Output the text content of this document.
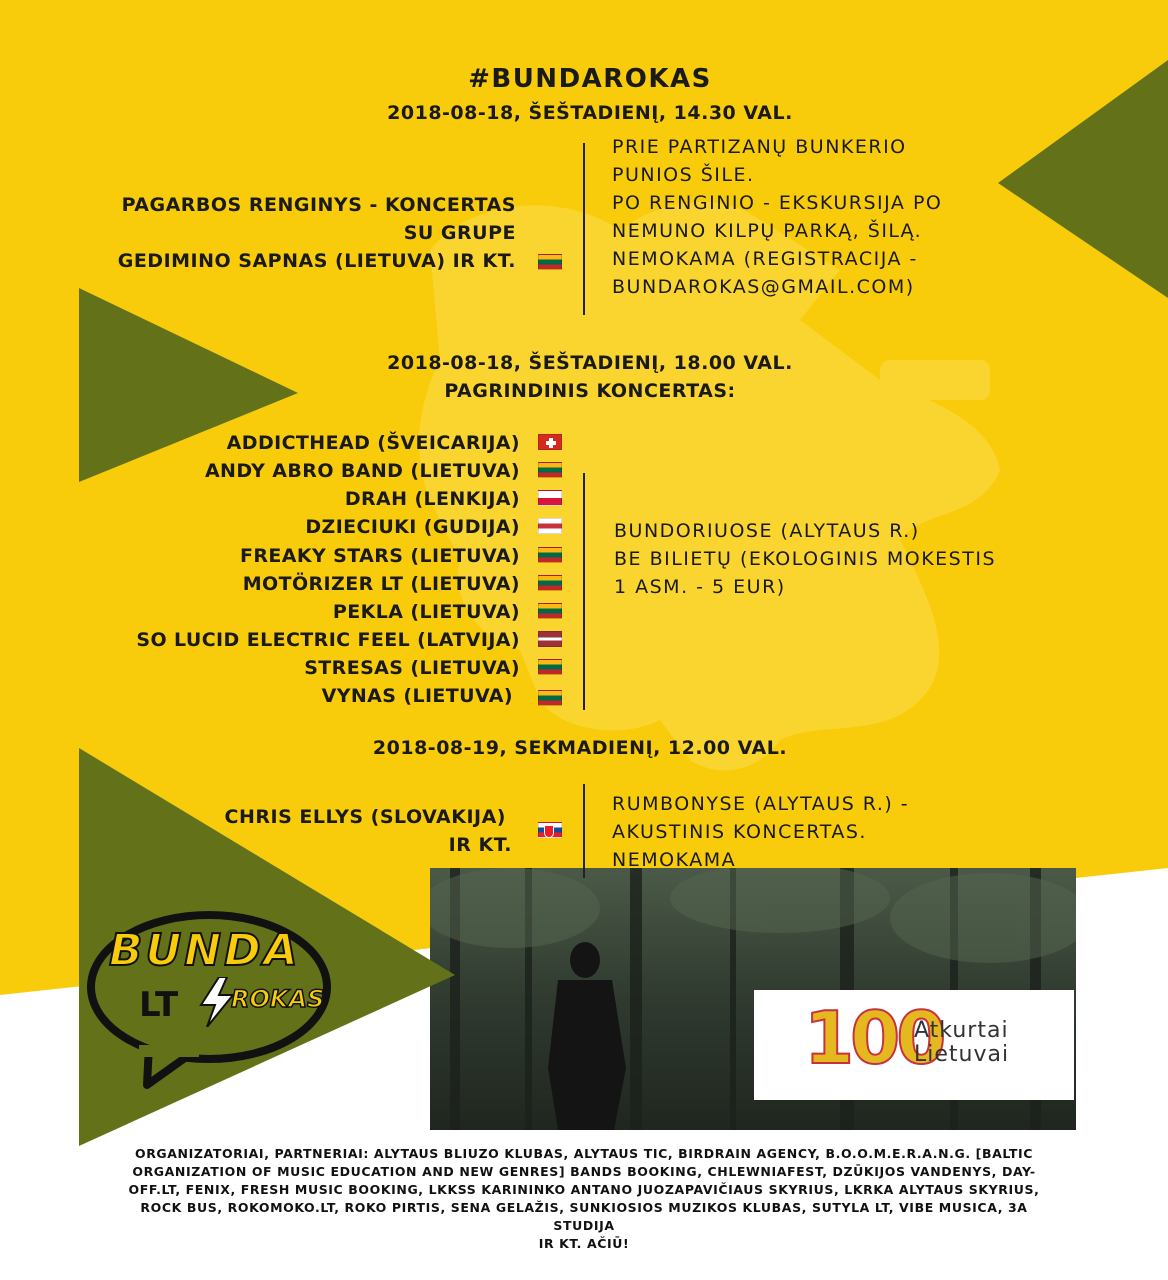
BUNDA
LT ROKAS	100
Atkurtai
Lietuvai
#BUNDAROKAS
2018-08-18, ŠEŠTADIENĮ, 14.30 VAL.
PAGARBOS RENGINYS - KONCERTAS
SU GRUPE
GEDIMINO SAPNAS (LIETUVA) IR KT.
PRIE PARTIZANŲ BUNKERIO
PUNIOS ŠILE.
PO RENGINIO - EKSKURSIJA PO
NEMUNO KILPŲ PARKĄ, ŠILĄ.
NEMOKAMA (REGISTRACIJA -
BUNDAROKAS@GMAIL.COM)
2018-08-18, ŠEŠTADIENĮ, 18.00 VAL.
PAGRINDINIS KONCERTAS:
ADDICTHEAD (ŠVEICARIJA)
ANDY ABRO BAND (LIETUVA)
DRAH (LENKIJA)
DZIECIUKI (GUDIJA)
FREAKY STARS (LIETUVA)
MOTÖRIZER LT (LIETUVA)
PEKLA (LIETUVA)
SO LUCID ELECTRIC FEEL (LATVIJA)
STRESAS (LIETUVA)
VYNAS (LIETUVA)
BUNDORIUOSE (ALYTAUS R.)
BE BILIETŲ (EKOLOGINIS MOKESTIS
1 ASM. - 5 EUR)
2018-08-19, SEKMADIENĮ, 12.00 VAL.
CHRIS ELLYS (SLOVAKIJA)
IR KT.
RUMBONYSE (ALYTAUS R.) -
AKUSTINIS KONCERTAS.
NEMOKAMA
ORGANIZATORIAI, PARTNERIAI: ALYTAUS BLIUZO KLUBAS, ALYTAUS TIC, BIRDRAIN AGENCY, B.O.O.M.E.R.A.N.G. [BALTIC
ORGANIZATION OF MUSIC EDUCATION AND NEW GENRES] BANDS BOOKING, CHLEWNIAFEST, DZŪKIJOS VANDENYS, DAY-
OFF.LT, FENIX, FRESH MUSIC BOOKING, LKKSS KARININKO ANTANO JUOZAPAVIČIAUS SKYRIUS, LKRKA ALYTAUS SKYRIUS,
ROCK BUS, ROKOMOKO.LT, ROKO PIRTIS, SENA GELAŽIS, SUNKIOSIOS MUZIKOS KLUBAS, SUTYLA LT, VIBE MUSICA, 3A STUDIJA
IR KT. AČIŪ!
